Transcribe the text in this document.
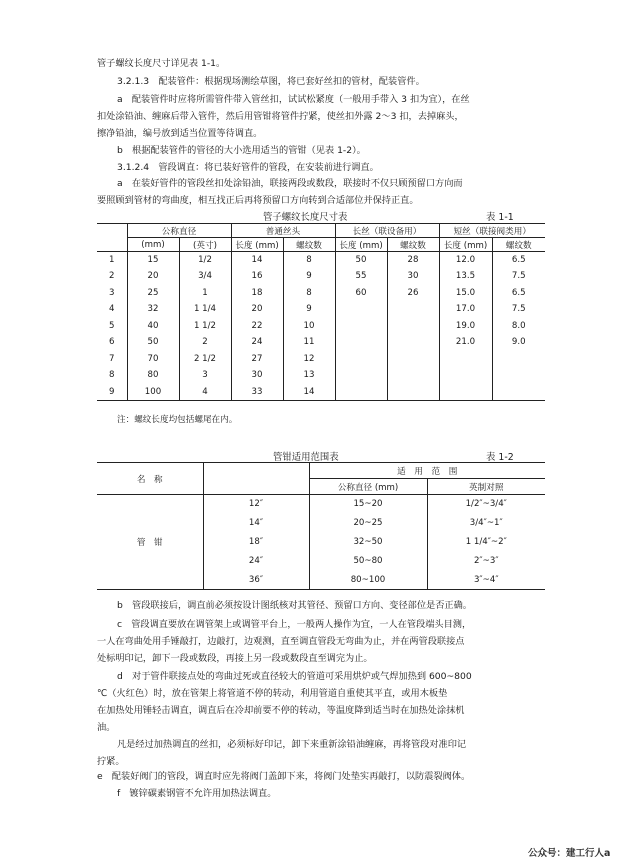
管子螺纹长度尺寸详见表 1-1。
3.2.1.3　配装管件：根据现场测绘草图，将已套好丝扣的管材，配装管件。
a　配装管件时应将所需管件带入管丝扣，试试松紧度（一般用手带入 3 扣为宜），在丝
扣处涂铅油、缠麻后带入管件，然后用管钳将管件拧紧，使丝扣外露 2～3 扣，去掉麻头，
擦净铅油，编号放到适当位置等待调直。
b　根据配装管件的管径的大小选用适当的管钳（见表 1-2）。
3.1.2.4　管段调直：将已装好管件的管段，在安装前进行调直。
a　在装好管件的管段丝扣处涂铅油，联接两段或数段，联接时不仅只顾预留口方向而
要照顾到管材的弯曲度，相互找正后再将预留口方向转到合适部位并保持正直。
管子螺纹长度尺寸表	表 1-1
	公称直径		普通丝头		长丝（联设备用）		短丝（联接阀类用）	
	(mm)	(英寸)	长度 (mm)	螺纹数	长度 (mm)	螺纹数	长度 (mm)	螺纹数
1	15	1/2	14	8	50	28	12.0	6.5
2	20	3/4	16	9	55	30	13.5	7.5
3	25	1	18	8	60	26	15.0	6.5
4	32	1 1/4	20	9			17.0	7.5
5	40	1 1/2	22	10			19.0	8.0
6	50	2	24	11			21.0	9.0
7	70	2 1/2	27	12				
8	80	3	30	13				
9	100	4	33	14				
注：螺纹长度均包括螺尾在内。
管钳适用范围表	表 1-2
名　称		适　用　范　围	
		公称直径 (mm)	英制对照
管　钳	12″	15~20	1/2″~3/4″
	14″	20~25	3/4″~1″
	18″	32~50	1 1/4″~2″
	24″	50~80	2″~3″
	36″	80~100	3″~4″
b　管段联接后，调直前必须按设计图纸核对其管径、预留口方向、变径部位是否正确。
c　管段调直要放在调管架上或调管平台上，一般两人操作为宜，一人在管段端头目测，
一人在弯曲处用手锤敲打，边敲打，边观测，直至调直管段无弯曲为止，并在两管段联接点
处标明印记，卸下一段或数段，再接上另一段或数段直至调完为止。
d　对于管件联接点处的弯曲过死或直径较大的管道可采用烘炉或气焊加热到 600~800
℃（火红色）时，放在管架上将管道不停的转动，利用管道自重使其平直，或用木板垫
在加热处用锤轻击调直，调直后在冷却前要不停的转动，等温度降到适当时在加热处涂抹机
油。
凡是经过加热调直的丝扣，必须标好印记，卸下来重新涂铅油缠麻，再将管段对准印记
拧紧。
e　配装好阀门的管段，调直时应先将阀门盖卸下来，将阀门处垫实再敲打，以防震裂阀体。
f　镀锌碳素钢管不允许用加热法调直。
公众号：建工行人a
